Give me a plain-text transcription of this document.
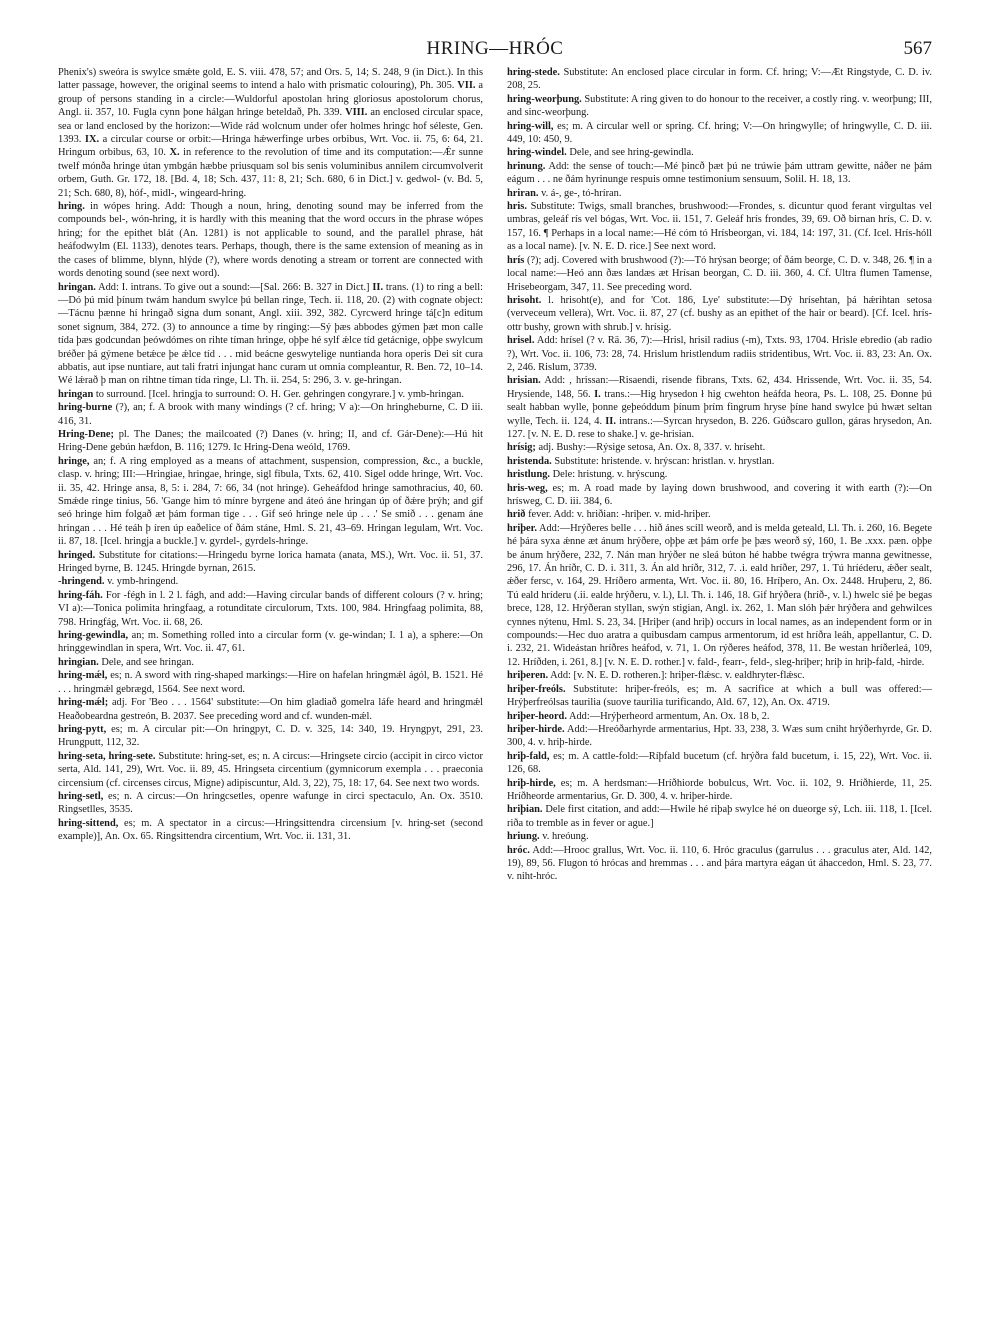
HRING—HRÓC	567

Phenix's) sweóra is swylce smǽte gold, E. S. viii. 478, 57; and Ors. 5, 14; S. 248, 9 (in Dict.). In this latter passage, however, the original seems to intend a halo with prismatic colouring), Ph. 305. VII. a group of persons standing in a circle:—Wuldorful apostolan hring gloriosus apostolorum chorus, Angl. ii. 357, 10. Fugla cynn þone hálgan hringe beteldað, Ph. 339. VIII. an enclosed circular space, sea or land enclosed by the horizon:—Wide rád wolcnum under ofer holmes hringc hof séleste, Gen. 1393. IX. a circular course or orbit:—Hringa hǽwerfinge urbes orbibus, Wrt. Voc. ii. 75, 6: 64, 21. Hringum orbibus, 63, 10. X. in reference to the revolution of time and its computation:—Ǽr sunne twelf mónða hringe útan ymbgán hæbbe priusquam sol bis senis voluminibus annilem circumvolverit orbem, Guth. Gr. 172, 18. [Bd. 4, 18; Sch. 437, 11: 8, 21; Sch. 680, 6 in Dict.] v. gedwol- (v. Bd. 5, 21; Sch. 680, 8), hóf-, midl-, wingeard-hring.

hring. in wópes hring. Add: Though a noun, hring, denoting sound may be inferred from the compounds bel-, wón-hring, it is hardly with this meaning that the word occurs in the phrase wópes hring; for the epithet blát (An. 1281) is not applicable to sound, and the parallel phrase, hát heáfodwylm (El. 1133), denotes tears. Perhaps, though, there is the same extension of meaning as in the cases of blimme, blynn, hlýde (?), where words denoting a stream or torrent are connected with words denoting sound (see next word).

hringan. Add: I. intrans. To give out a sound:—[Sal. 266: B. 327 in Dict.] II. trans. (1) to ring a bell:—Dó þú mid þínum twám handum swylce þú bellan ringe, Tech. ii. 118, 20. (2) with cognate object:—Tácnu þænne hí hringað signa dum sonant, Angl. xiii. 392, 382. Cyrcwerd hringe tá[c]n editum sonet signum, 384, 272. (3) to announce a time by ringing:—Sý þæs abbodes gýmen þæt mon calle tída þæs godcundan þeówdómes on rihte tíman hringe, oþþe hé sylf ǽlce tíd getácnige, oþþe swylcum bréðer þá gýmene betǽce þe ǽlce tíd . . . mid beácne geswytelige nuntianda hora operis Dei sit cura abbatis, aut ipse nuntiare, aut tali fratri injungat hanc curam ut omnia compleantur, R. Ben. 72, 10–14. Wé lǽrað þ man on rihtne tíman tída ringe, Ll. Th. ii. 254, 5: 296, 3. v. ge-hringan.

hringan to surround. [Icel. hringja to surround: O. H. Ger. gehringen congyrare.] v. ymb-hringan.

hring-burne (?), an; f. A brook with many windings (? cf. hring; V a):—On hringheburne, C. D iii. 416, 31.

Hring-Dene; pl. The Danes; the mailcoated (?) Danes (v. hring; II, and cf. Gár-Dene):—Hú hit Hring-Dene gebún hæfdon, B. 116; 1279. Ic Hring-Dena weóld, 1769.

hringe, an; f. A ring employed as a means of attachment, suspension, compression, &c., a buckle, clasp. v. hring; III:—Hringiae, hringae, hringe, sigl fibula, Txts. 62, 410. Sigel odde hringe, Wrt. Voc. ii. 35, 42. Hringe ansa, 8, 5: i. 284, 7: 66, 34 (not hringe). Geheáfdod hringe samothracius, 40, 60. Smǽde ringe tinius, 56. 'Gange him tó mínre byrgene and áteó áne hringan úp of ðǽre þrýh; and gif seó hringe him folgað æt þám forman tige . . . Gif seó hringe nele úp . . .' Se smið . . . genam áne hringan . . . Hé teáh þ íren úp eaðelice of ðám stáne, Hml. S. 21, 43–69. Hringan legulam, Wrt. Voc. ii. 87, 18. [Icel. hringja a buckle.] v. gyrdel-, gyrdels-hringe.

hringed. Substitute for citations:—Hringedu byrne lorica hamata (anata, MS.), Wrt. Voc. ii. 51, 37. Hringed byrne, B. 1245. Hringde byrnan, 2615.

-hringend. v. ymb-hringend.

hring-fáh. For -fégh in l. 2 l. fágh, and add:—Having circular bands of different colours (? v. hring; VI a):—Tonica polimita hringfaag, a rotunditate circulorum, Txts. 100, 984. Hringfaag polimita, 88, 798. Hringfág, Wrt. Voc. ii. 68, 26.

hring-gewindla, an; m. Something rolled into a circular form (v. ge-windan; I. 1 a), a sphere:—On hringgewindlan in spera, Wrt. Voc. ii. 47, 61.

hringian. Dele, and see hringan.

hring-mǽl, es; n. A sword with ring-shaped markings:—Hire on hafelan hringmǽl ágól, B. 1521. Hé . . . hringmǽl gebrægd, 1564. See next word.

hring-mǽl; adj. For 'Beo . . . 1564' substitute:—On him gladiað gomelra láfe heard and hringmǽl Heaðobeardna gestreón, B. 2037. See preceding word and cf. wunden-mǽl.

hring-pytt, es; m. A circular pit:—On hringpyt, C. D. v. 325, 14: 340, 19. Hryngpyt, 291, 23. Hrungputt, 112, 32.

hring-seta, hring-sete. Substitute: hring-set, es; n. A circus:—Hringsete circio (accipit in circo victor serta, Ald. 141, 29), Wrt. Voc. ii. 89, 45. Hringseta circentium (gymnicorum exempla . . . praeconia circensium (cf. circenses circus, Migne) adipiscuntur, Ald. 3, 22), 75, 18: 17, 64. See next two words.

hring-setl, es; n. A circus:—On hringcsetles, openre wafunge in circi spectaculo, An. Ox. 3510. Ringsetlles, 3535.

hring-sittend, es; m. A spectator in a circus:—Hringsittendra circensium [v. hring-set (second example)], An. Ox. 65. Ringsittendra circentium, Wrt. Voc. ii. 131, 31.

hring-stede. Substitute: An enclosed place circular in form. Cf. hring; V:—Æt Ringstyde, C. D. iv. 208, 25.

hring-weorþung. Substitute: A ring given to do honour to the receiver, a costly ring. v. weorþung; III, and sinc-weorþung.

hring-will, es; m. A circular well or spring. Cf. hring; V:—On hringwylle; of hringwylle, C. D. iii. 449, 10: 450, 9.

hring-windel. Dele, and see hring-gewindla.

hrinung. Add: the sense of touch:—Mé þincð þæt þú ne trúwie þám uttram gewitte, náðer ne þám eágum . . . ne ðám hyrinunge respuis omne testimonium sensuum, Solil. H. 18, 13.

hriran. v. á-, ge-, tó-hríran.

hris. Substitute: Twigs, small branches, brushwood:—Frondes, s. dicuntur quod ferant virgultas vel umbras, geleáf rís vel bógas, Wrt. Voc. ii. 151, 7. Geleáf hrís frondes, 39, 69. Oð birnan hrís, C. D. v. 157, 16. ¶ Perhaps in a local name:—Hé cóm tó Hrísbeorgan, vi. 184, 14: 197, 31. (Cf. Icel. Hrís-hóll as a local name). [v. N. E. D. rice.] See next word.

hrís (?); adj. Covered with brushwood (?):—Tó hrýsan beorge; of ðám beorge, C. D. v. 348, 26. ¶ in a local name:—Heó ann ðæs landæs æt Hrísan beorgan, C. D. iii. 360, 4. Cf. Ultra flumen Tamense, Hrisebeorgam, 347, 11. See preceding word.

hrisoht. l. hrisoht(e), and for 'Cot. 186, Lye' substitute:—Dý hrísehtan, þá hǽrihtan setosa (verveceum vellera), Wrt. Voc. ii. 87, 27 (cf. bushy as an epithet of the hair or beard). [Cf. Icel. hrís-ottr bushy, grown with shrub.] v. hrísig.

hrisel. Add: hrísel (? v. Rä. 36, 7):—Hrisl, hrisil radius (-m), Txts. 93, 1704. Hrisle ebredio (ab radio ?), Wrt. Voc. ii. 106, 73: 28, 74. Hrislum hristlendum radiis stridentibus, Wrt. Voc. ii. 83, 23: An. Ox. 2, 246. Rislum, 3739.

hrisian. Add: , hrissan:—Risaendi, risende fibrans, Txts. 62, 434. Hrissende, Wrt. Voc. ii. 35, 54. Hrysiende, 148, 56. I. trans.:—Hig hrysedon ł hig cwehton heáfda heora, Ps. L. 108, 25. Ðonne þú sealt habban wylle, þonne geþeóddum þínum þrím fingrum hryse þíne hand swylce þú hwæt seltan wylle, Tech. ii. 124, 4. II. intrans.:—Syrcan hrysedon, B. 226. Gúðscaro gullon, gáras hrysedon, An. 127. [v. N. E. D. rese to shake.] v. ge-hrisian.

hrísig; adj. Bushy:—Rýsige setosa, An. Ox. 8, 337. v. hríseht.

hristenda. Substitute: hristende. v. hrýscan: hristlan. v. hrystlan.

hristlung. Dele: hristung. v. hrýscung.

hris-weg, es; m. A road made by laying down brushwood, and covering it with earth (?):—On hrísweg, C. D. iii. 384, 6.

hrið fever. Add: v. hriðian: -hriþer. v. mid-hriþer.

hriþer. Add:—Hrýðeres belle . . . hið ánes scill weorð, and is melda geteald, Ll. Th. i. 260, 16. Begete hé þára syxa ǽnne æt ánum hrýðere, oþþe æt þám orfe þe þæs weorð sý, 160, 1. Be .xxx. pæn. oþþe be ánum hrýðere, 232, 7. Nán man hrýðer ne sleá búton hé habbe twégra trýwra manna gewitnesse, 296, 17. Án hríðr, C. D. i. 311, 3. Án ald hríðr, 312, 7. .i. eald hríðer, 297, 1. Tú hríéderu, ǽðer sealt, ǽðer fersc, v. 164, 29. Hríðero armenta, Wrt. Voc. ii. 80, 16. Hríþero, An. Ox. 2448. Hruþeru, 2, 86. Tú eald hríderu (.ii. ealde hrýðeru, v. l.), Ll. Th. i. 146, 18. Gif hrýðera (hríð-, v. l.) hwelc sié þe begas brece, 128, 12. Hrýðeran styllan, swýn stigian, Angl. ix. 262, 1. Man slóh þǽr hrýðera and gehwilces cynnes nýtenu, Hml. S. 23, 34. [Hriþer (and hriþ) occurs in local names, as an independent form or in compounds:—Hec duo aratra a quibusdam campus armentorum, id est hríðra leáh, appellantur, C. D. i. 232, 21. Wideástan hríðres heáfod, v. 71, 1. On rýðeres heáfod, 378, 11. Be westan hríðerleá, 109, 12. Hríðden, i. 261, 8.] [v. N. E. D. rother.] v. fald-, fearr-, feld-, sleg-hriþer; hriþ in hriþ-fald, -hirde.

hriþeren. Add: [v. N. E. D. rotheren.]: hriþer-flǽsc. v. ealdhryter-flǽsc.

hriþer-freóls. Substitute: hriþer-freóls, es; m. A sacrifice at which a bull was offered:—Hrýþerfreólsas taurilia (suove taurilia turificando, Ald. 67, 12), An. Ox. 4719.

hriþer-heord. Add:—Hrýþerheord armentum, An. Ox. 18 b, 2.

hriþer-hirde. Add:—Hreóðarhyrde armentarius, Hpt. 33, 238, 3. Wæs sum cniht hrýðerhyrde, Gr. D. 300, 4. v. hriþ-hirde.

hriþ-fald, es; m. A cattle-fold:—Ríþfald bucetum (cf. hrýðra fald bucetum, i. 15, 22), Wrt. Voc. ii. 126, 68.

hriþ-hirde, es; m. A herdsman:—Hríðhiorde bobulcus, Wrt. Voc. ii. 102, 9. Hríðhierde, 11, 25. Hríðheorde armentarius, Gr. D. 300, 4. v. hriþer-hirde.

hriþian. Dele first citation, and add:—Hwile hé riþaþ swylce hé on dueorge sý, Lch. iii. 118, 1. [Icel. riða to tremble as in fever or ague.]

hriung. v. hreóung.

hróc. Add:—Hrooc grallus, Wrt. Voc. ii. 110, 6. Hróc graculus (garrulus . . . graculus ater, Ald. 142, 19), 89, 56. Flugon tó hrócas and hremmas . . . and þára martyra eágan út áhaccedon, Hml. S. 23, 77. v. niht-hróc.
